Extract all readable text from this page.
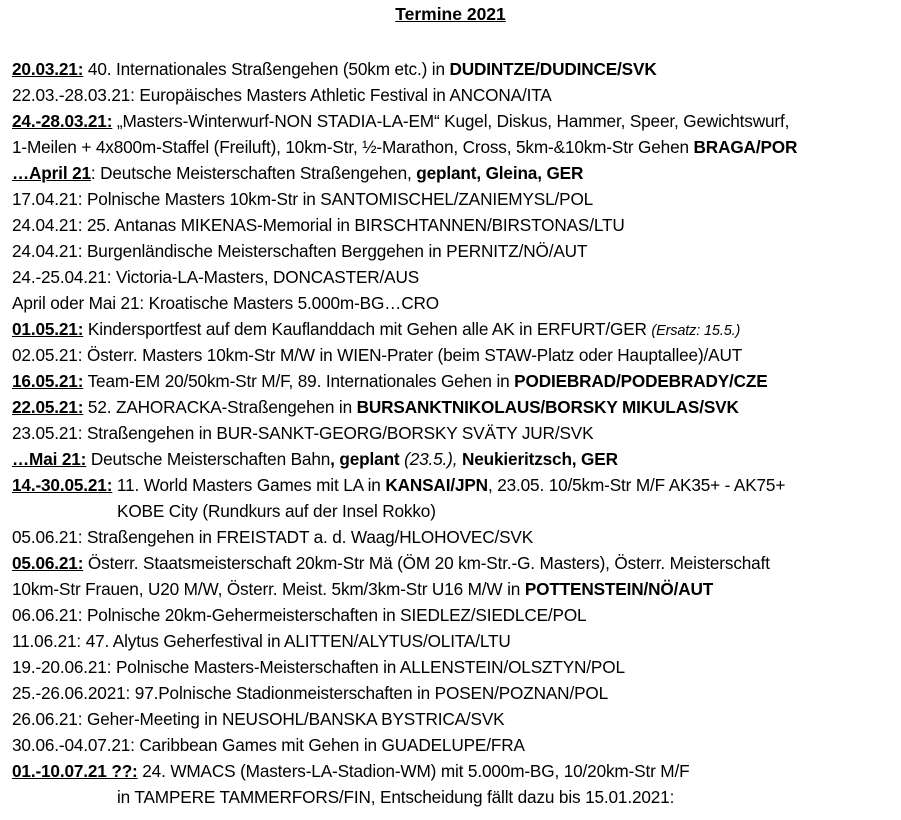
Termine 2021
20.03.21: 40. Internationales Straßengehen (50km etc.) in DUDINTZE/DUDINCE/SVK
22.03.-28.03.21: Europäisches Masters Athletic Festival in ANCONA/ITA
24.-28.03.21: „Masters-Winterwurf-NON STADIA-LA-EM“ Kugel, Diskus, Hammer, Speer, Gewichtswurf,
1-Meilen + 4x800m-Staffel (Freiluft), 10km-Str, ½-Marathon, Cross, 5km-&10km-Str Gehen BRAGA/POR
…April 21: Deutsche Meisterschaften Straßengehen, geplant, Gleina, GER
17.04.21: Polnische Masters 10km-Str in SANTOMISCHEL/ZANIEMYSL/POL
24.04.21: 25. Antanas MIKENAS-Memorial in BIRSCHTANNEN/BIRSTONAS/LTU
24.04.21: Burgenländische Meisterschaften Berggehen in PERNITZ/NÖ/AUT
24.-25.04.21: Victoria-LA-Masters, DONCASTER/AUS
April oder Mai 21: Kroatische Masters 5.000m-BG…CRO
01.05.21: Kindersportfest auf dem Kauflanddach mit Gehen alle AK in ERFURT/GER (Ersatz: 15.5.)
02.05.21: Österr. Masters 10km-Str M/W in WIEN-Prater (beim STAW-Platz oder Hauptallee)/AUT
16.05.21: Team-EM 20/50km-Str M/F, 89. Internationales Gehen in PODIEBRAD/PODEBRADY/CZE
22.05.21: 52. ZAHORACKA-Straßengehen in BURSANKTNIKOLAUS/BORSKY MIKULAS/SVK
23.05.21: Straßengehen in BUR-SANKT-GEORG/BORSKY SVÄTY JUR/SVK
…Mai 21: Deutsche Meisterschaften Bahn, geplant (23.5.), Neukieritzsch, GER
14.-30.05.21: 11. World Masters Games mit LA in KANSAI/JPN, 23.05. 10/5km-Str M/F AK35+ - AK75+
KOBE City (Rundkurs auf der Insel Rokko)
05.06.21: Straßengehen in FREISTADT a. d. Waag/HLOHOVEC/SVK
05.06.21: Österr. Staatsmeisterschaft 20km-Str Mä (ÖM 20 km-Str.-G. Masters), Österr. Meisterschaft
10km-Str Frauen, U20 M/W, Österr. Meist. 5km/3km-Str U16 M/W in POTTENSTEIN/NÖ/AUT
06.06.21: Polnische 20km-Gehermeisterschaften in SIEDLEZ/SIEDLCE/POL
11.06.21: 47. Alytus Geherfestival in ALITTEN/ALYTUS/OLITA/LTU
19.-20.06.21: Polnische Masters-Meisterschaften in ALLENSTEIN/OLSZTYN/POL
25.-26.06.2021: 97.Polnische Stadionmeisterschaften in POSEN/POZNAN/POL
26.06.21: Geher-Meeting in NEUSOHL/BANSKA BYSTRICA/SVK
30.06.-04.07.21: Caribbean Games mit Gehen in GUADELUPE/FRA
01.-10.07.21 ??: 24. WMACS (Masters-LA-Stadion-WM) mit 5.000m-BG, 10/20km-Str M/F
in TAMPERE TAMMERFORS/FIN, Entscheidung fällt dazu bis 15.01.2021:
